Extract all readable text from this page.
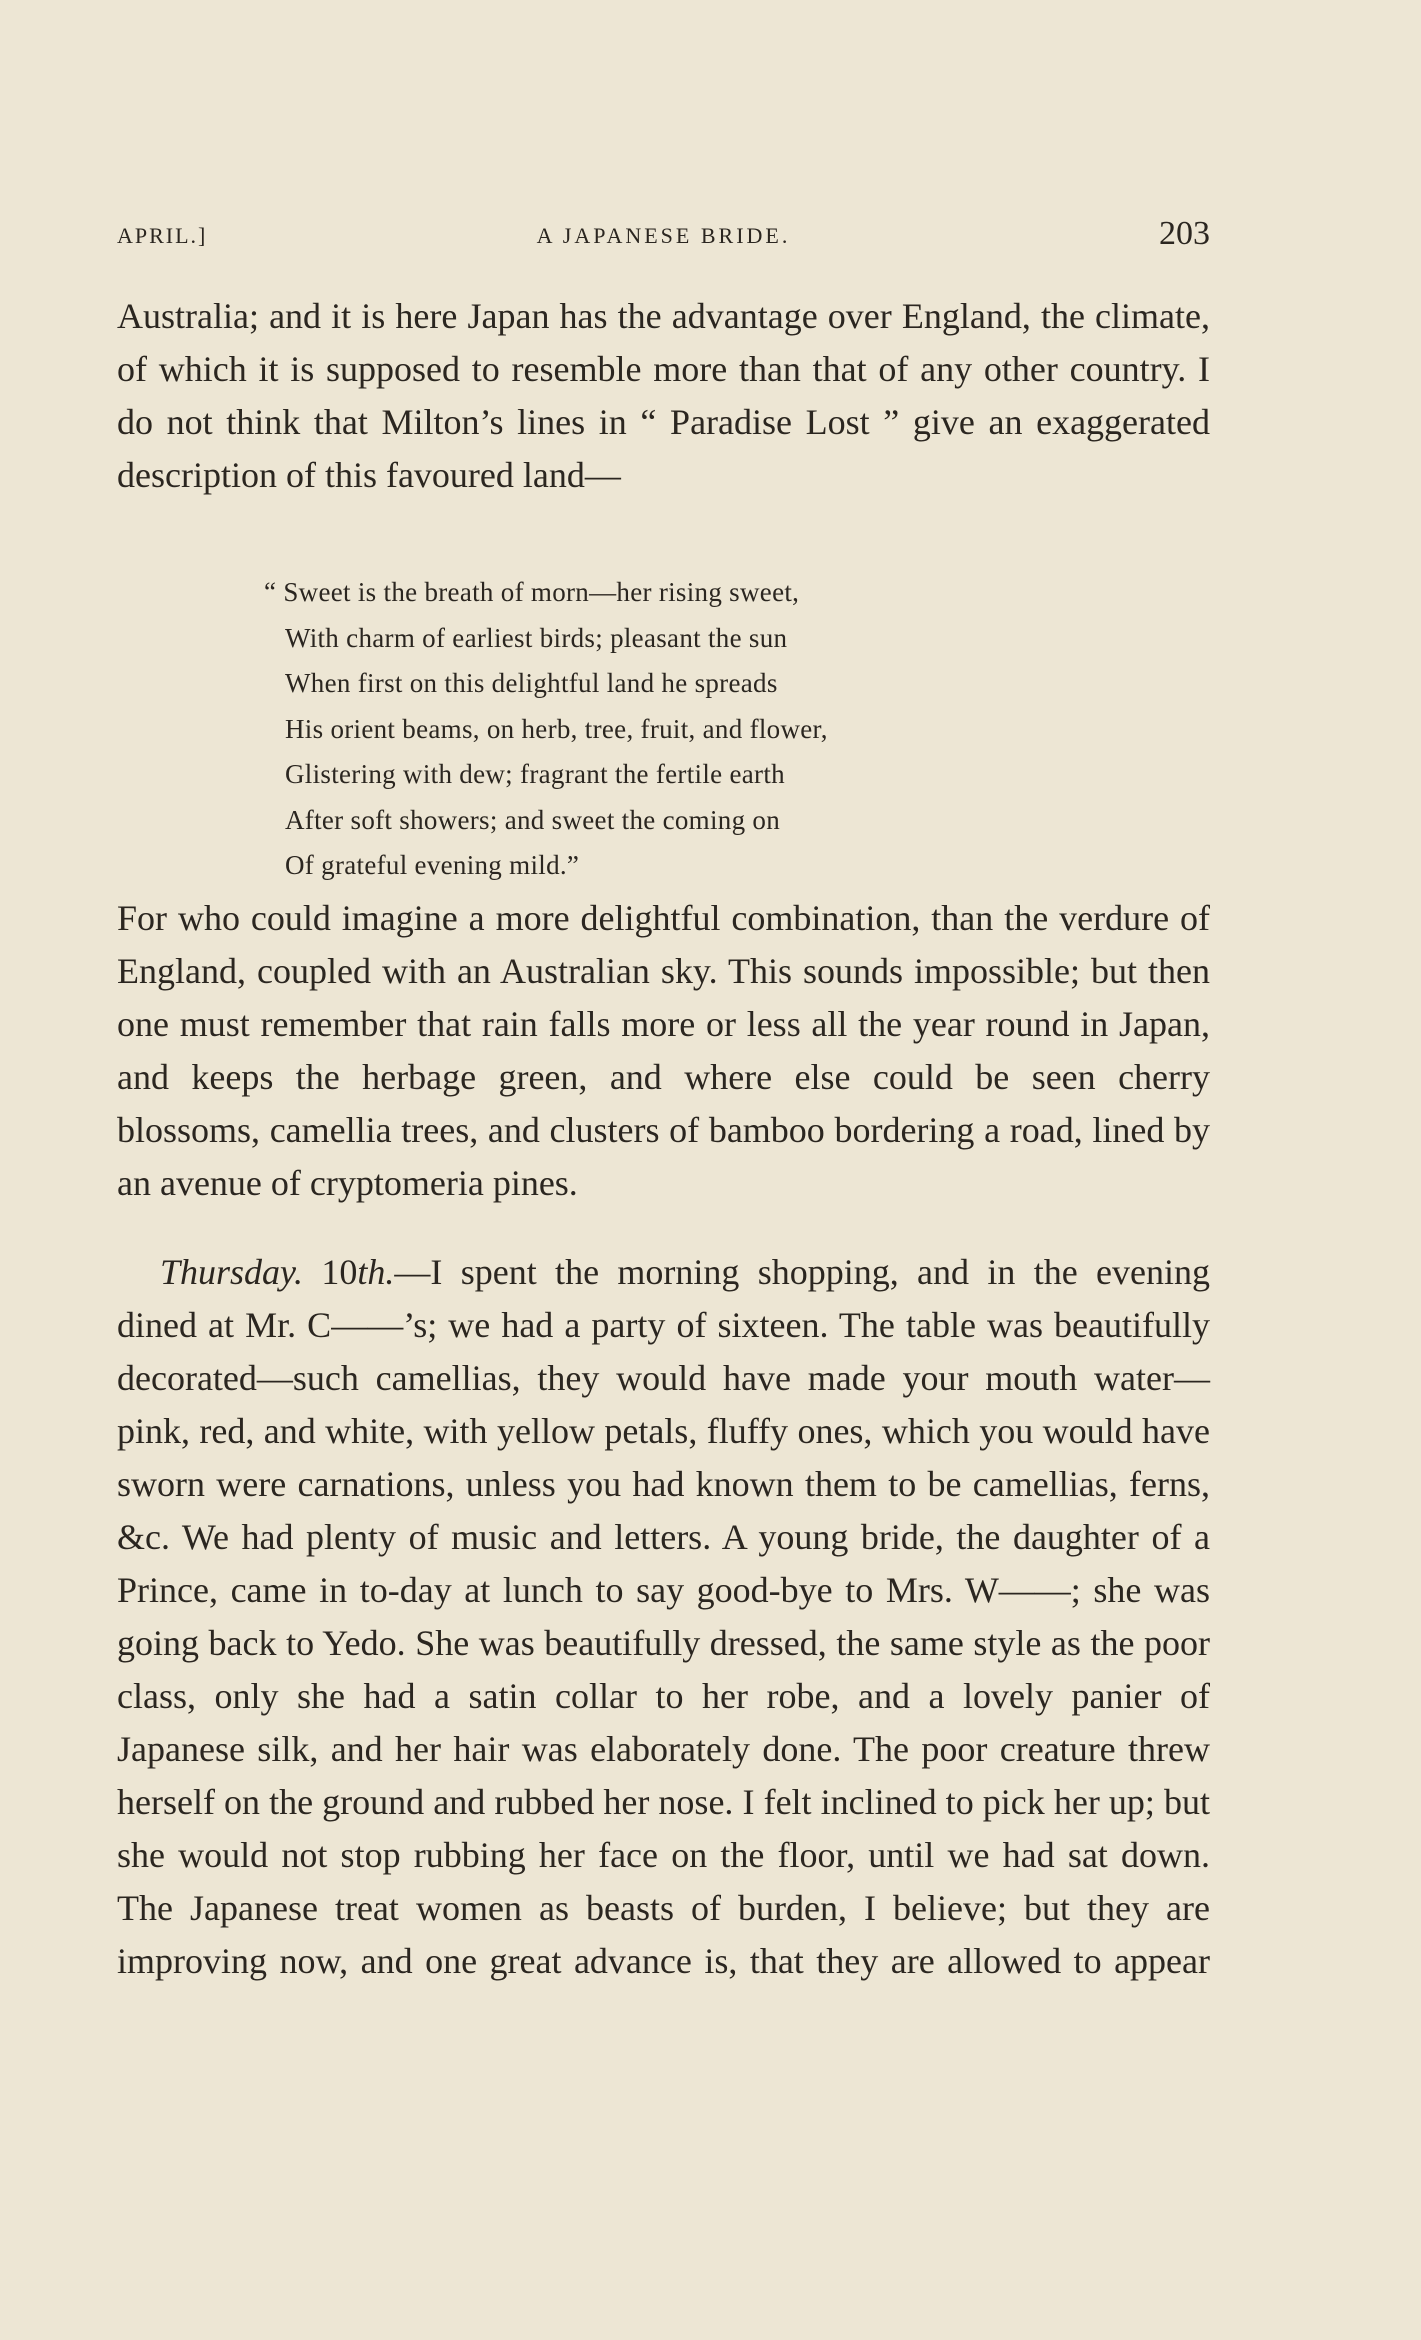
APRIL.]	A JAPANESE BRIDE.	203

Australia; and it is here Japan has the advantage over England, the climate, of which it is supposed to resemble more than that of any other country. I do not think that Milton’s lines in “ Paradise Lost ” give an exaggerated description of this favoured land—

“ Sweet is the breath of morn—her rising sweet,
With charm of earliest birds; pleasant the sun
When first on this delightful land he spreads
His orient beams, on herb, tree, fruit, and flower,
Glistering with dew; fragrant the fertile earth
After soft showers; and sweet the coming on
Of grateful evening mild.”

For who could imagine a more delightful combination, than the verdure of England, coupled with an Australian sky. This sounds impossible; but then one must remember that rain falls more or less all the year round in Japan, and keeps the herbage green, and where else could be seen cherry blossoms, camellia trees, and clusters of bamboo bordering a road, lined by an avenue of cryptomeria pines.

Thursday. 10th.—I spent the morning shopping, and in the evening dined at Mr. C——’s; we had a party of sixteen. The table was beautifully decorated—such camellias, they would have made your mouth water—pink, red, and white, with yellow petals, fluffy ones, which you would have sworn were carnations, unless you had known them to be camellias, ferns, &c. We had plenty of music and letters. A young bride, the daughter of a Prince, came in to-day at lunch to say good-bye to Mrs. W——; she was going back to Yedo. She was beautifully dressed, the same style as the poor class, only she had a satin collar to her robe, and a lovely panier of Japanese silk, and her hair was elaborately done. The poor creature threw herself on the ground and rubbed her nose. I felt inclined to pick her up; but she would not stop rubbing her face on the floor, until we had sat down. The Japanese treat women as beasts of burden, I believe; but they are improving now, and one great advance is, that they are allowed to appear
